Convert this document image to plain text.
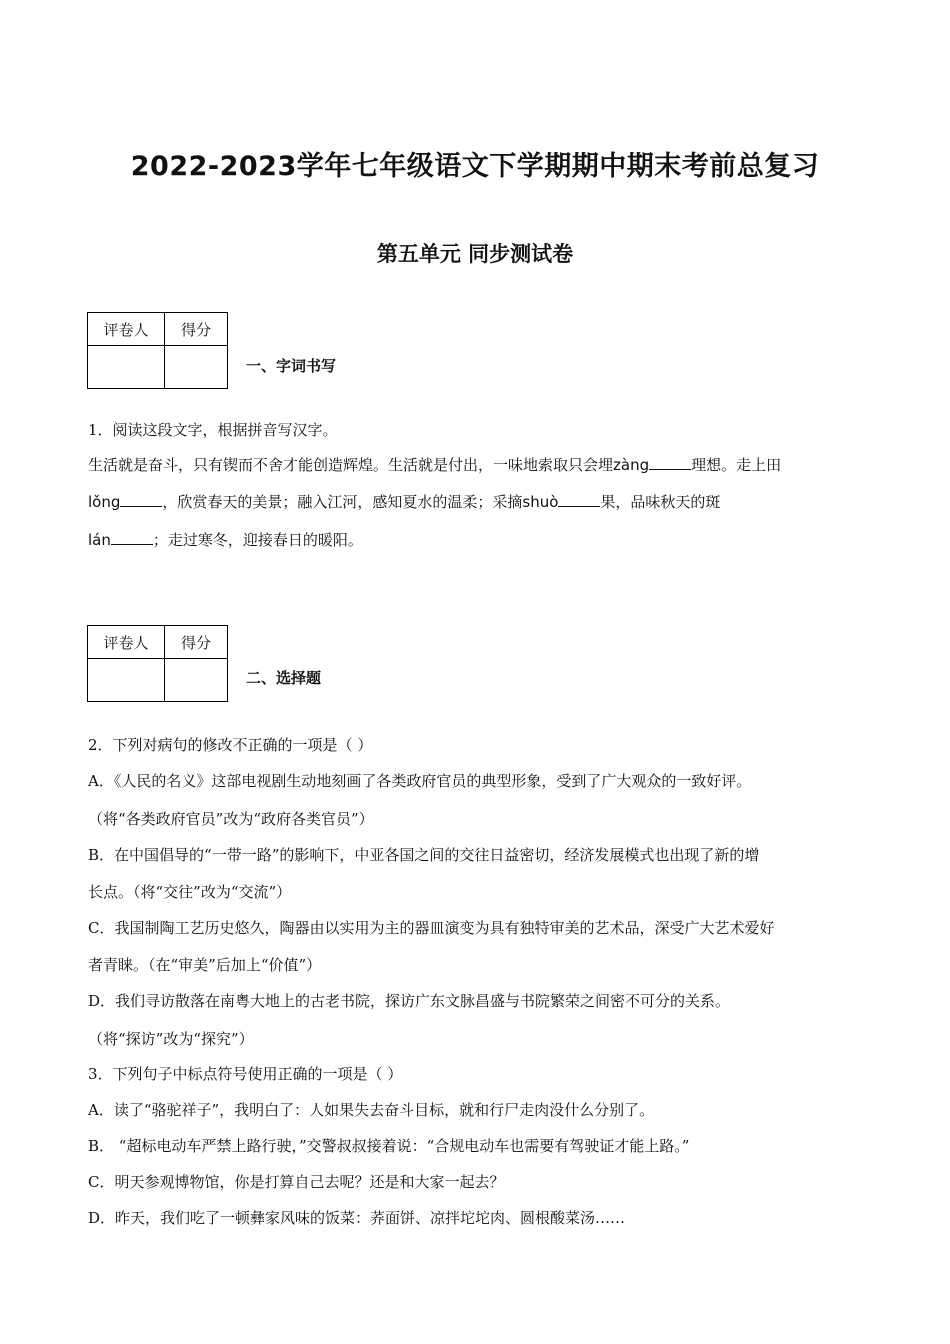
2022-2023学年七年级语文下学期期中期末考前总复习
第五单元 同步测试卷
评卷人	得分

一、字词书写
1．阅读这段文字，根据拼音写汉字。
生活就是奋斗，只有锲而不舍才能创造辉煌。生活就是付出，一味地索取只会埋zàng	理想。走上田
lǒng	，欣赏春天的美景；融入江河，感知夏水的温柔；采摘shuò	果，品味秋天的斑
lán	；走过寒冬，迎接春日的暖阳。
评卷人	得分

二、选择题
2．下列对病句的修改不正确的一项是（ ）
A．《人民的名义》这部电视剧生动地刻画了各类政府官员的典型形象，受到了广大观众的一致好评。
（将“各类政府官员”改为“政府各类官员”）
B．在中国倡导的“一带一路”的影响下，中亚各国之间的交往日益密切，经济发展模式也出现了新的增
长点。（将“交往”改为“交流”）
C．我国制陶工艺历史悠久，陶器由以实用为主的器皿演变为具有独特审美的艺术品，深受广大艺术爱好
者青睐。（在“审美”后加上“价值”）
D．我们寻访散落在南粤大地上的古老书院，探访广东文脉昌盛与书院繁荣之间密不可分的关系。
（将“探访”改为“探究”）
3．下列句子中标点符号使用正确的一项是（ ）
A．读了“骆驼祥子”，我明白了：人如果失去奋斗目标，就和行尸走肉没什么分别了。
B． “超标电动车严禁上路行驶，”交警叔叔接着说：“合规电动车也需要有驾驶证才能上路。”
C．明天参观博物馆，你是打算自己去呢？还是和大家一起去？
D．昨天，我们吃了一顿彝家风味的饭菜：荞面饼、凉拌坨坨肉、圆根酸菜汤……
